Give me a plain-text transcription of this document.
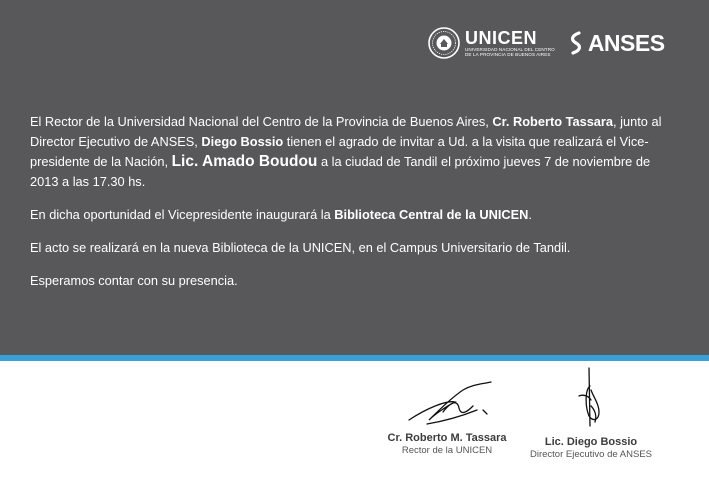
UNICEN
UNIVERSIDAD NACIONAL DEL CENTRO
DE LA PROVINCIA DE BUENOS AIRES ANSES

El Rector de la Universidad Nacional del Centro de la Provincia de Buenos Aires, Cr. Roberto Tassara, junto al Director Ejecutivo de ANSES, Diego Bossio tienen el agrado de invitar a Ud. a la visita que realizará el Vice-presidente de la Nación, Lic. Amado Boudou a la ciudad de Tandil el próximo jueves 7 de noviembre de 2013 a las 17.30 hs.

En dicha oportunidad el Vicepresidente inaugurará la Biblioteca Central de la UNICEN.

El acto se realizará en la nueva Biblioteca de la UNICEN, en el Campus Universitario de Tandil.

Esperamos contar con su presencia.

Cr. Roberto M. Tassara
Rector de la UNICEN
Lic. Diego Bossio
Director Ejecutivo de ANSES
